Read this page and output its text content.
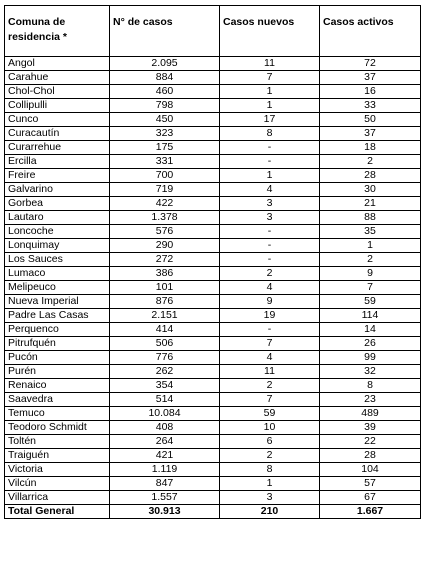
Comuna de residencia *	N° de casos	Casos nuevos	Casos activos
Angol	2.095	11	72
Carahue	884	7	37
Chol-Chol	460	1	16
Collipulli	798	1	33
Cunco	450	17	50
Curacautín	323	8	37
Curarrehue	175	-	18
Ercilla	331	-	2
Freire	700	1	28
Galvarino	719	4	30
Gorbea	422	3	21
Lautaro	1.378	3	88
Loncoche	576	-	35
Lonquimay	290	-	1
Los Sauces	272	-	2
Lumaco	386	2	9
Melipeuco	101	4	7
Nueva Imperial	876	9	59
Padre Las Casas	2.151	19	114
Perquenco	414	-	14
Pitrufquén	506	7	26
Pucón	776	4	99
Purén	262	11	32
Renaico	354	2	8
Saavedra	514	7	23
Temuco	10.084	59	489
Teodoro Schmidt	408	10	39
Toltén	264	6	22
Traiguén	421	2	28
Victoria	1.119	8	104
Vilcún	847	1	57
Villarrica	1.557	3	67
Total General	30.913	210	1.667
